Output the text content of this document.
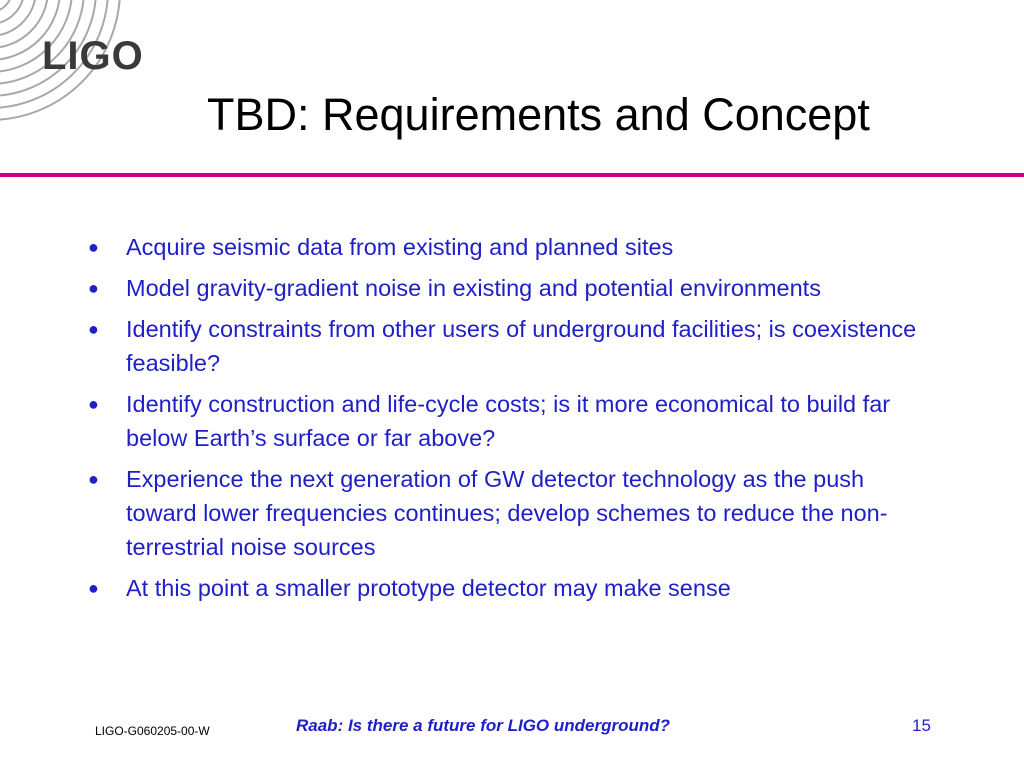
LIGO
TBD: Requirements and Concept
● Acquire seismic data from existing and planned sites
● Model gravity-gradient noise in existing and potential environments
● Identify constraints from other users of underground facilities; is coexistence feasible?
● Identify construction and life-cycle costs; is it more economical to build far below Earth’s surface or far above?
● Experience the next generation of GW detector technology as the push toward lower frequencies continues; develop schemes to reduce the non-terrestrial noise sources
● At this point a smaller prototype detector may make sense
LIGO-G060205-00-W	Raab: Is there a future for LIGO underground?	15
